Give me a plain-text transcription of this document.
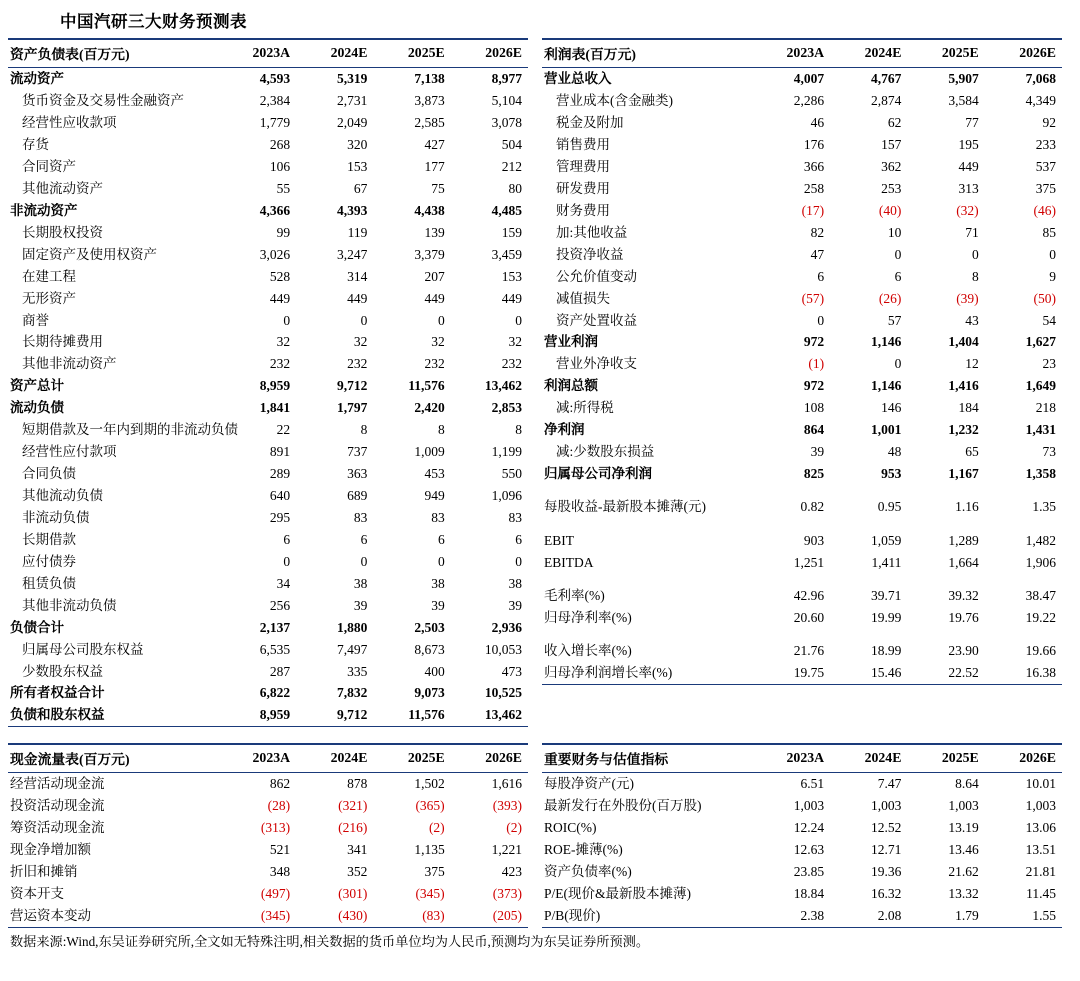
中国汽研三大财务预测表
资产负债表(百万元)	2023A	2024E	2025E	2026E
流动资产	4,593	5,319	7,138	8,977
货币资金及交易性金融资产	2,384	2,731	3,873	5,104
经营性应收款项	1,779	2,049	2,585	3,078
存货	268	320	427	504
合同资产	106	153	177	212
其他流动资产	55	67	75	80
非流动资产	4,366	4,393	4,438	4,485
长期股权投资	99	119	139	159
固定资产及使用权资产	3,026	3,247	3,379	3,459
在建工程	528	314	207	153
无形资产	449	449	449	449
商誉	0	0	0	0
长期待摊费用	32	32	32	32
其他非流动资产	232	232	232	232
资产总计	8,959	9,712	11,576	13,462
流动负债	1,841	1,797	2,420	2,853
短期借款及一年内到期的非流动负债	22	8	8	8
经营性应付款项	891	737	1,009	1,199
合同负债	289	363	453	550
其他流动负债	640	689	949	1,096
非流动负债	295	83	83	83
长期借款	6	6	6	6
应付债券	0	0	0	0
租赁负债	34	38	38	38
其他非流动负债	256	39	39	39
负债合计	2,137	1,880	2,503	2,936
归属母公司股东权益	6,535	7,497	8,673	10,053
少数股东权益	287	335	400	473
所有者权益合计	6,822	7,832	9,073	10,525
负债和股东权益	8,959	9,712	11,576	13,462
利润表(百万元)	2023A	2024E	2025E	2026E
营业总收入	4,007	4,767	5,907	7,068
营业成本(含金融类)	2,286	2,874	3,584	4,349
税金及附加	46	62	77	92
销售费用	176	157	195	233
管理费用	366	362	449	537
研发费用	258	253	313	375
财务费用	(17)	(40)	(32)	(46)
加:其他收益	82	10	71	85
投资净收益	47	0	0	0
公允价值变动	6	6	8	9
减值损失	(57)	(26)	(39)	(50)
资产处置收益	0	57	43	54
营业利润	972	1,146	1,404	1,627
营业外净收支	(1)	0	12	23
利润总额	972	1,146	1,416	1,649
减:所得税	108	146	184	218
净利润	864	1,001	1,232	1,431
减:少数股东损益	39	48	65	73
归属母公司净利润	825	953	1,167	1,358

每股收益-最新股本摊薄(元)	0.82	0.95	1.16	1.35

EBIT	903	1,059	1,289	1,482
EBITDA	1,251	1,411	1,664	1,906

毛利率(%)	42.96	39.71	39.32	38.47
归母净利率(%)	20.60	19.99	19.76	19.22

收入增长率(%)	21.76	18.99	23.90	19.66
归母净利润增长率(%)	19.75	15.46	22.52	16.38
现金流量表(百万元)	2023A	2024E	2025E	2026E
经营活动现金流	862	878	1,502	1,616
投资活动现金流	(28)	(321)	(365)	(393)
筹资活动现金流	(313)	(216)	(2)	(2)
现金净增加额	521	341	1,135	1,221
折旧和摊销	348	352	375	423
资本开支	(497)	(301)	(345)	(373)
营运资本变动	(345)	(430)	(83)	(205)
重要财务与估值指标	2023A	2024E	2025E	2026E
每股净资产(元)	6.51	7.47	8.64	10.01
最新发行在外股份(百万股)	1,003	1,003	1,003	1,003
ROIC(%)	12.24	12.52	13.19	13.06
ROE-摊薄(%)	12.63	12.71	13.46	13.51
资产负债率(%)	23.85	19.36	21.62	21.81
P/E(现价&最新股本摊薄)	18.84	16.32	13.32	11.45
P/B(现价)	2.38	2.08	1.79	1.55
数据来源:Wind,东吴证券研究所,全文如无特殊注明,相关数据的货币单位均为人民币,预测均为东吴证券所预测。
